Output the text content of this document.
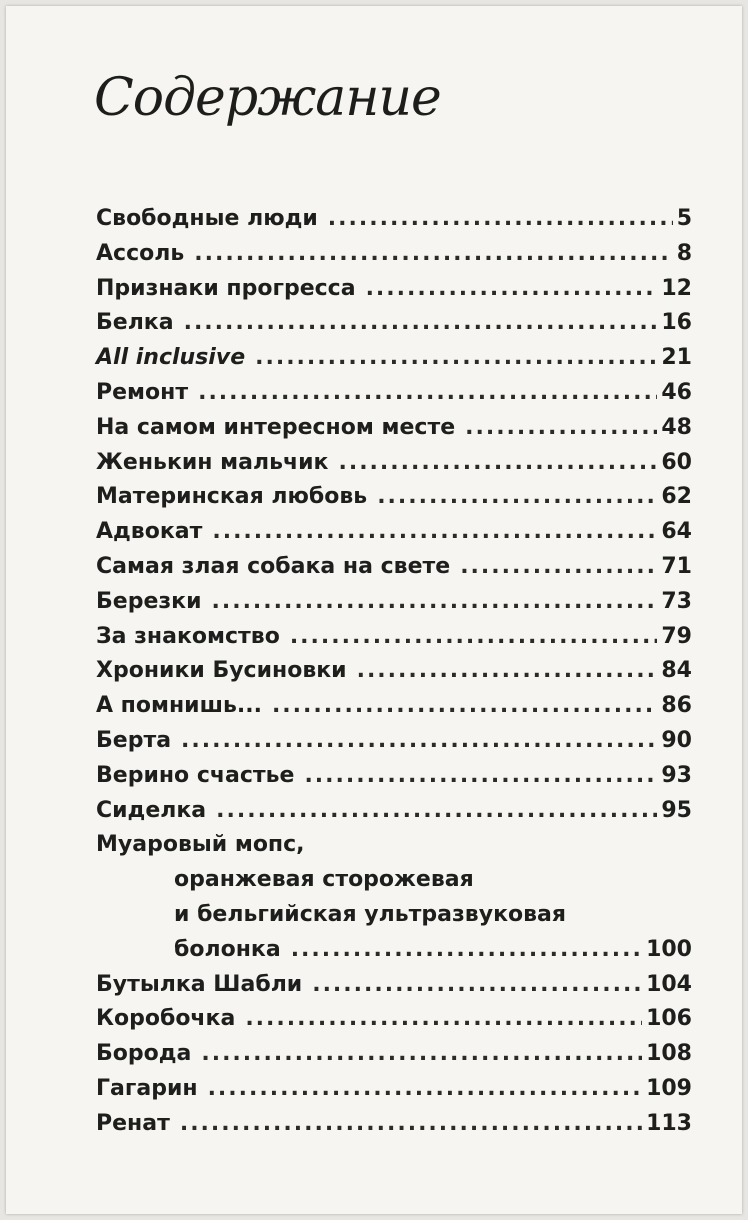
Содержание
Свободные люди .....	5
Ассоль .....	8
Признаки прогресса .....	12
Белка .....	16
All inclusive .....	21
Ремонт .....	46
На самом интересном месте .....	48
Женькин мальчик .....	60
Материнская любовь .....	62
Адвокат .....	64
Самая злая собака на свете .....	71
Березки .....	73
За знакомство .....	79
Хроники Бусиновки .....	84
А помнишь... .....	86
Берта .....	90
Верино счастье .....	93
Сиделка .....	95
Муаровый мопс,
оранжевая сторожевая
и бельгийская ультразвуковая
болонка .....	100
Бутылка Шабли .....	104
Коробочка .....	106
Борода .....	108
Гагарин .....	109
Ренат .....	113
